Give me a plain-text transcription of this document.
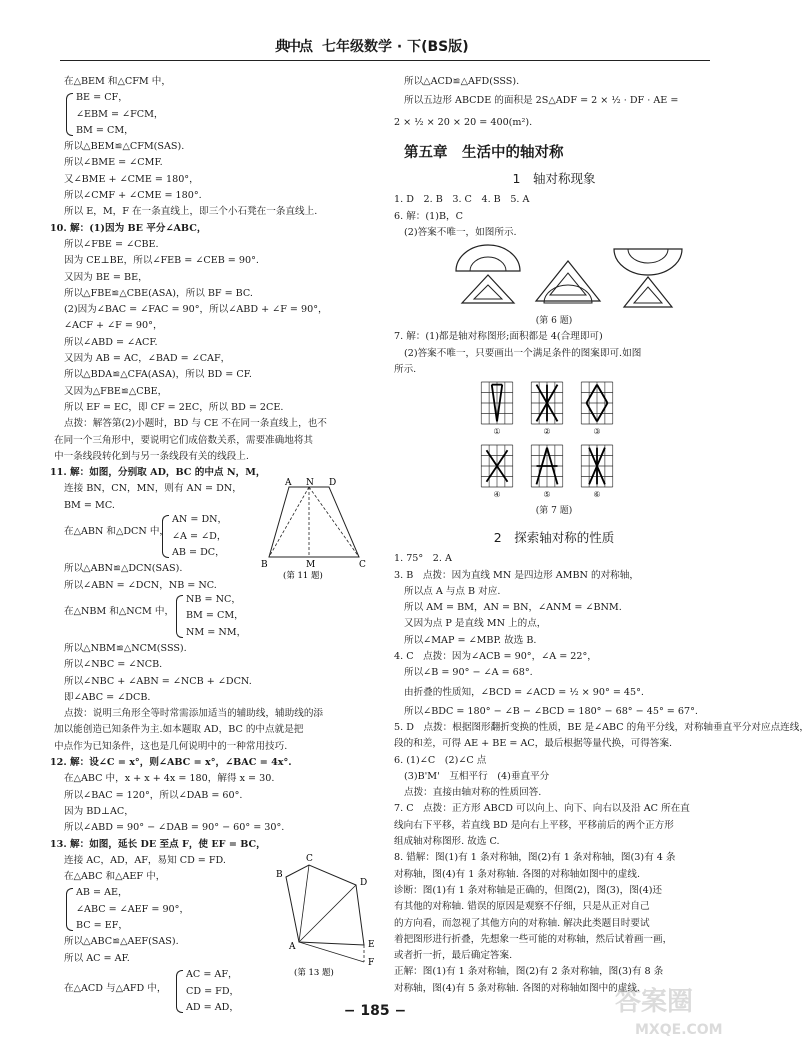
典中点 七年级数学 · 下(BS版)
在△BEM 和△CFM 中，
BE = CF，
∠EBM = ∠FCM，
BM = CM，
所以△BEM≌△CFM(SAS).
所以∠BME = ∠CMF.
又∠BME + ∠CME = 180°，
所以∠CMF + ∠CME = 180°.
所以 E，M，F 在一条直线上，即三个小石凳在一条直线上.
10. 解：(1)因为 BE 平分∠ABC，
所以∠FBE = ∠CBE.
因为 CE⊥BE，所以∠FEB = ∠CEB = 90°.
又因为 BE = BE，
所以△FBE≌△CBE(ASA)，所以 BF = BC.
(2)因为∠BAC = ∠FAC = 90°，所以∠ABD + ∠F = 90°，
∠ACF + ∠F = 90°，
所以∠ABD = ∠ACF.
又因为 AB = AC，∠BAD = ∠CAF，
所以△BDA≌△CFA(ASA)，所以 BD = CF.
又因为△FBE≌△CBE，
所以 EF = EC，即 CF = 2EC，所以 BD = 2CE.
点拨：解答第(2)小题时，BD 与 CE 不在同一条直线上，也不
在同一个三角形中，要说明它们成倍数关系，需要准确地将其
中一条线段转化到与另一条线段有关的线段上.
11. 解：如图，分别取 AD，BC 的中点 N，M，
连接 BN，CN，MN，则有 AN = DN，
BM = MC.
在△ABN 和△DCN 中，
AN = DN，
∠A = ∠D，
AB = DC，
A N D
B	M	C
(第 11 题)
所以△ABN≌△DCN(SAS).
所以∠ABN = ∠DCN，NB = NC.
在△NBM 和△NCM 中，
NB = NC，
BM = CM，
NM = NM，
所以△NBM≌△NCM(SSS).
所以∠NBC = ∠NCB.
所以∠NBC + ∠ABN = ∠NCB + ∠DCN.
即∠ABC = ∠DCB.
点拨：说明三角形全等时常需添加适当的辅助线，辅助线的添
加以能创造已知条件为主.如本题取 AD，BC 的中点就是把
中点作为已知条件，这也是几何说明中的一种常用技巧.
12. 解：设∠C = x°，则∠ABC = x°，∠BAC = 4x°.
在△ABC 中，x + x + 4x = 180，解得 x = 30.
所以∠BAC = 120°，所以∠DAB = 60°.
因为 BD⊥AC，
所以∠ABD = 90° − ∠DAB = 90° − 60° = 30°.
13. 解：如图，延长 DE 至点 F，使 EF = BC，
连接 AC，AD，AF，易知 CD = FD.
在△ABC 和△AEF 中，
AB = AE，
∠ABC = ∠AEF = 90°，
BC = EF，
所以△ABC≌△AEF(SAS).
所以 AC = AF.
B
C
D
A	E
F
(第 13 题)
在△ACD 与△AFD 中，
AC = AF，
CD = FD，
AD = AD，
所以△ACD≌△AFD(SSS).
所以五边形 ABCDE 的面积是 2S△ADF = 2 × ½ · DF · AE =
2 × ½ × 20 × 20 = 400(m²).
第五章　生活中的轴对称
1　轴对称现象
1. D　2. B　3. C　4. B　5. A
6. 解：(1)B，C
(2)答案不唯一，如图所示.
(第 6 题)
7. 解：(1)都是轴对称图形;面积都是 4(合理即可)
(2)答案不唯一，只要画出一个满足条件的图案即可.如图
所示.
①	②	③
④	⑤	⑥
(第 7 题)
2　探索轴对称的性质
1. 75°　2. A
3. B　点拨：因为直线 MN 是四边形 AMBN 的对称轴，
所以点 A 与点 B 对应.
所以 AM = BM，AN = BN，∠ANM = ∠BNM.
又因为点 P 是直线 MN 上的点，
所以∠MAP = ∠MBP. 故选 B.
4. C　点拨：因为∠ACB = 90°，∠A = 22°，
所以∠B = 90° − ∠A = 68°.
由折叠的性质知，∠BCD = ∠ACD = ½ × 90° = 45°.
所以∠BDC = 180° − ∠B − ∠BCD = 180° − 68° − 45° = 67°.
5. D　点拨：根据图形翻折变换的性质，BE 是∠ABC 的角平分线，对称轴垂直平分对应点连线，
段的和差，可得 AE + BE = AC，最后根据等量代换，可得答案.
6. (1)∠C　(2)∠C 点
(3)B'M'　互相平行　(4)垂直平分
点拨：直接由轴对称的性质回答.
7. C　点拨：正方形 ABCD 可以向上、向下、向右以及沿 AC 所在直
线向右下平移，若直线 BD 是向右上平移，平移前后的两个正方形
组成轴对称图形. 故选 C.
8. 错解：图(1)有 1 条对称轴，图(2)有 1 条对称轴，图(3)有 4 条
对称轴，图(4)有 1 条对称轴. 各图的对称轴如图中的虚线.
诊断：图(1)有 1 条对称轴是正确的，但图(2)，图(3)，图(4)还
有其他的对称轴. 错误的原因是观察不仔细，只是从正对自己
的方向看，而忽视了其他方向的对称轴. 解决此类题目时要试
着把图形进行折叠，先想象一些可能的对称轴，然后试着画一画，
或者折一折，最后确定答案.
正解：图(1)有 1 条对称轴，图(2)有 2 条对称轴，图(3)有 8 条
对称轴，图(4)有 5 条对称轴. 各图的对称轴如图中的虚线.
− 185 −	答案圈
MXQE.COM
